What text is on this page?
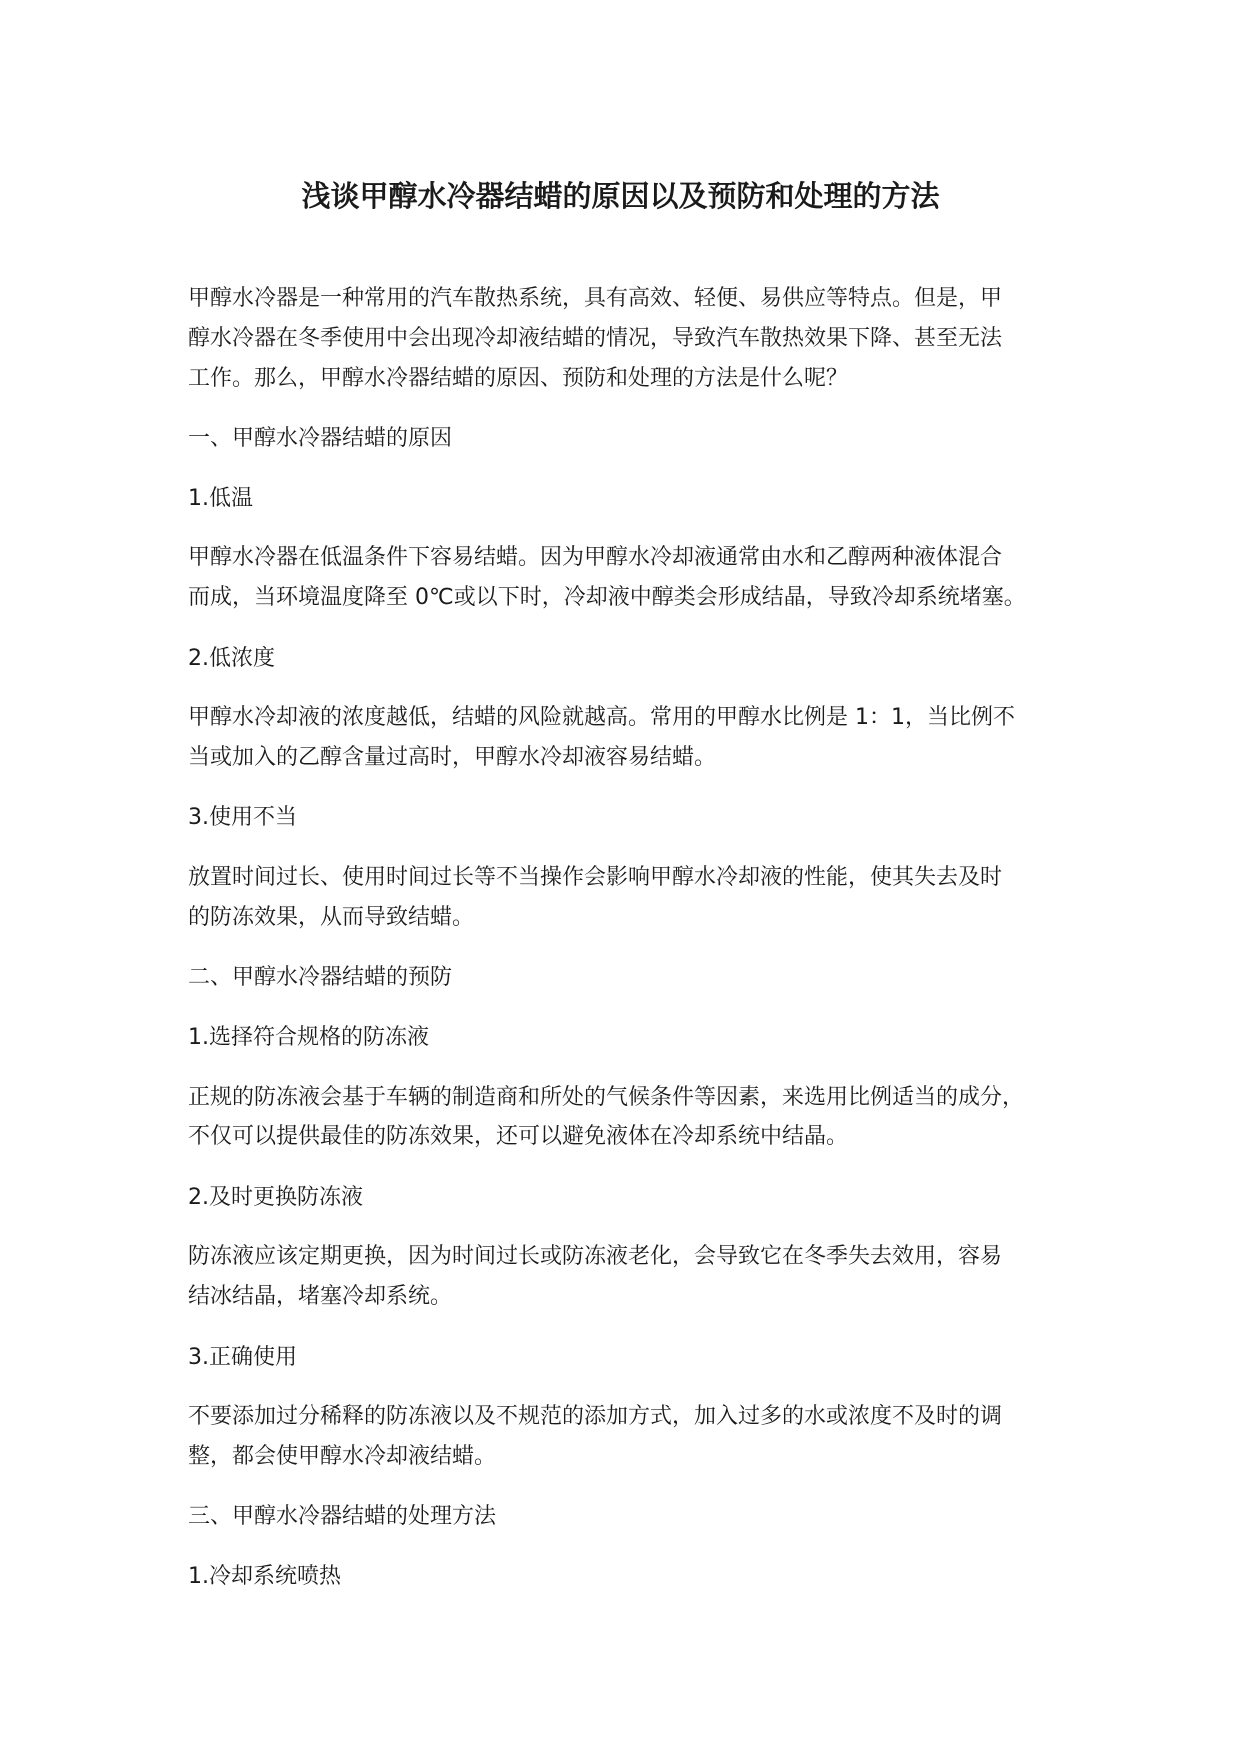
浅谈甲醇水冷器结蜡的原因以及预防和处理的方法
甲醇水冷器是一种常用的汽车散热系统，具有高效、轻便、易供应等特点。但是，甲
醇水冷器在冬季使用中会出现冷却液结蜡的情况，导致汽车散热效果下降、甚至无法
工作。那么，甲醇水冷器结蜡的原因、预防和处理的方法是什么呢？
一、甲醇水冷器结蜡的原因
1.低温
甲醇水冷器在低温条件下容易结蜡。因为甲醇水冷却液通常由水和乙醇两种液体混合
而成，当环境温度降至 0℃或以下时，冷却液中醇类会形成结晶，导致冷却系统堵塞。
2.低浓度
甲醇水冷却液的浓度越低，结蜡的风险就越高。常用的甲醇水比例是 1：1，当比例不
当或加入的乙醇含量过高时，甲醇水冷却液容易结蜡。
3.使用不当
放置时间过长、使用时间过长等不当操作会影响甲醇水冷却液的性能，使其失去及时
的防冻效果，从而导致结蜡。
二、甲醇水冷器结蜡的预防
1.选择符合规格的防冻液
正规的防冻液会基于车辆的制造商和所处的气候条件等因素，来选用比例适当的成分，
不仅可以提供最佳的防冻效果，还可以避免液体在冷却系统中结晶。
2.及时更换防冻液
防冻液应该定期更换，因为时间过长或防冻液老化，会导致它在冬季失去效用，容易
结冰结晶，堵塞冷却系统。
3.正确使用
不要添加过分稀释的防冻液以及不规范的添加方式，加入过多的水或浓度不及时的调
整，都会使甲醇水冷却液结蜡。
三、甲醇水冷器结蜡的处理方法
1.冷却系统喷热
